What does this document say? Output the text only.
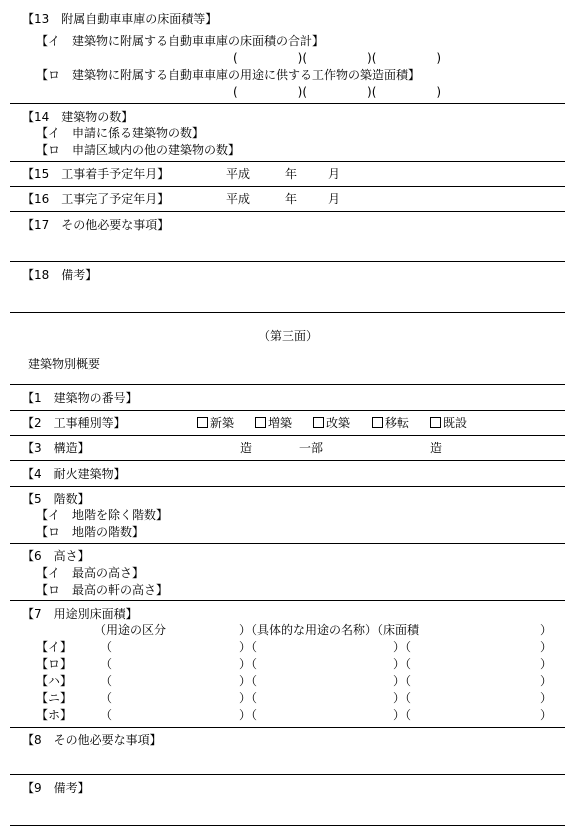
【13　附属自動車車庫の床面積等】
【イ　建築物に附属する自動車車庫の床面積の合計】
(　　　　　)(　　　　　)(　　　　　)
【ロ　建築物に附属する自動車車庫の用途に供する工作物の築造面積】
(　　　　　)(　　　　　)(　　　　　)
【14　建築物の数】
【イ　申請に係る建築物の数】
【ロ　申請区域内の他の建築物の数】
【15　工事着手予定年月】	平成	年	月
【16　工事完了予定年月】	平成	年	月
【17　その他必要な事項】
【18　備考】
（第三面）
建築物別概要
【1　建築物の番号】
【2　工事種別等】	新築	増築	改築	移転	既設
【3　構造】	造	一部	造
【4　耐火建築物】
【5　階数】
【イ　地階を除く階数】
【ロ　地階の階数】
【6　高さ】
【イ　最高の高さ】
【ロ　最高の軒の高さ】
【7　用途別床面積】
（用途の区分	）（具体的な用途の名称）（床面積	）
【イ】 （	）（	）（	）
【ロ】 （	）（	）（	）
【ハ】 （	）（	）（	）
【ニ】 （	）（	）（	）
【ホ】 （	）（	）（	）
【8　その他必要な事項】
【9　備考】
